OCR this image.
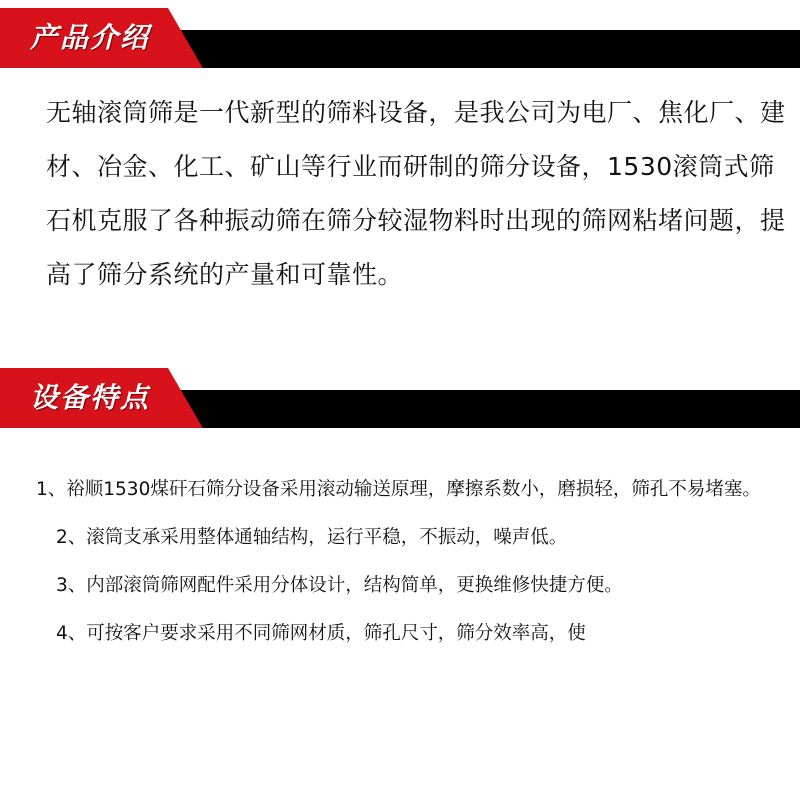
产品介绍

无轴滚筒筛是一代新型的筛料设备，是我公司为电厂、焦化厂、建材、冶金、化工、矿山等行业而研制的筛分设备，1530滚筒式筛石机克服了各种振动筛在筛分较湿物料时出现的筛网粘堵问题，提高了筛分系统的产量和可靠性。

设备特点
1、裕顺1530煤矸石筛分设备采用滚动输送原理，摩擦系数小，磨损轻，筛孔不易堵塞。
2、滚筒支承采用整体通轴结构，运行平稳，不振动，噪声低。
3、内部滚筒筛网配件采用分体设计，结构简单，更换维修快捷方便。
4、可按客户要求采用不同筛网材质，筛孔尺寸，筛分效率高，使
